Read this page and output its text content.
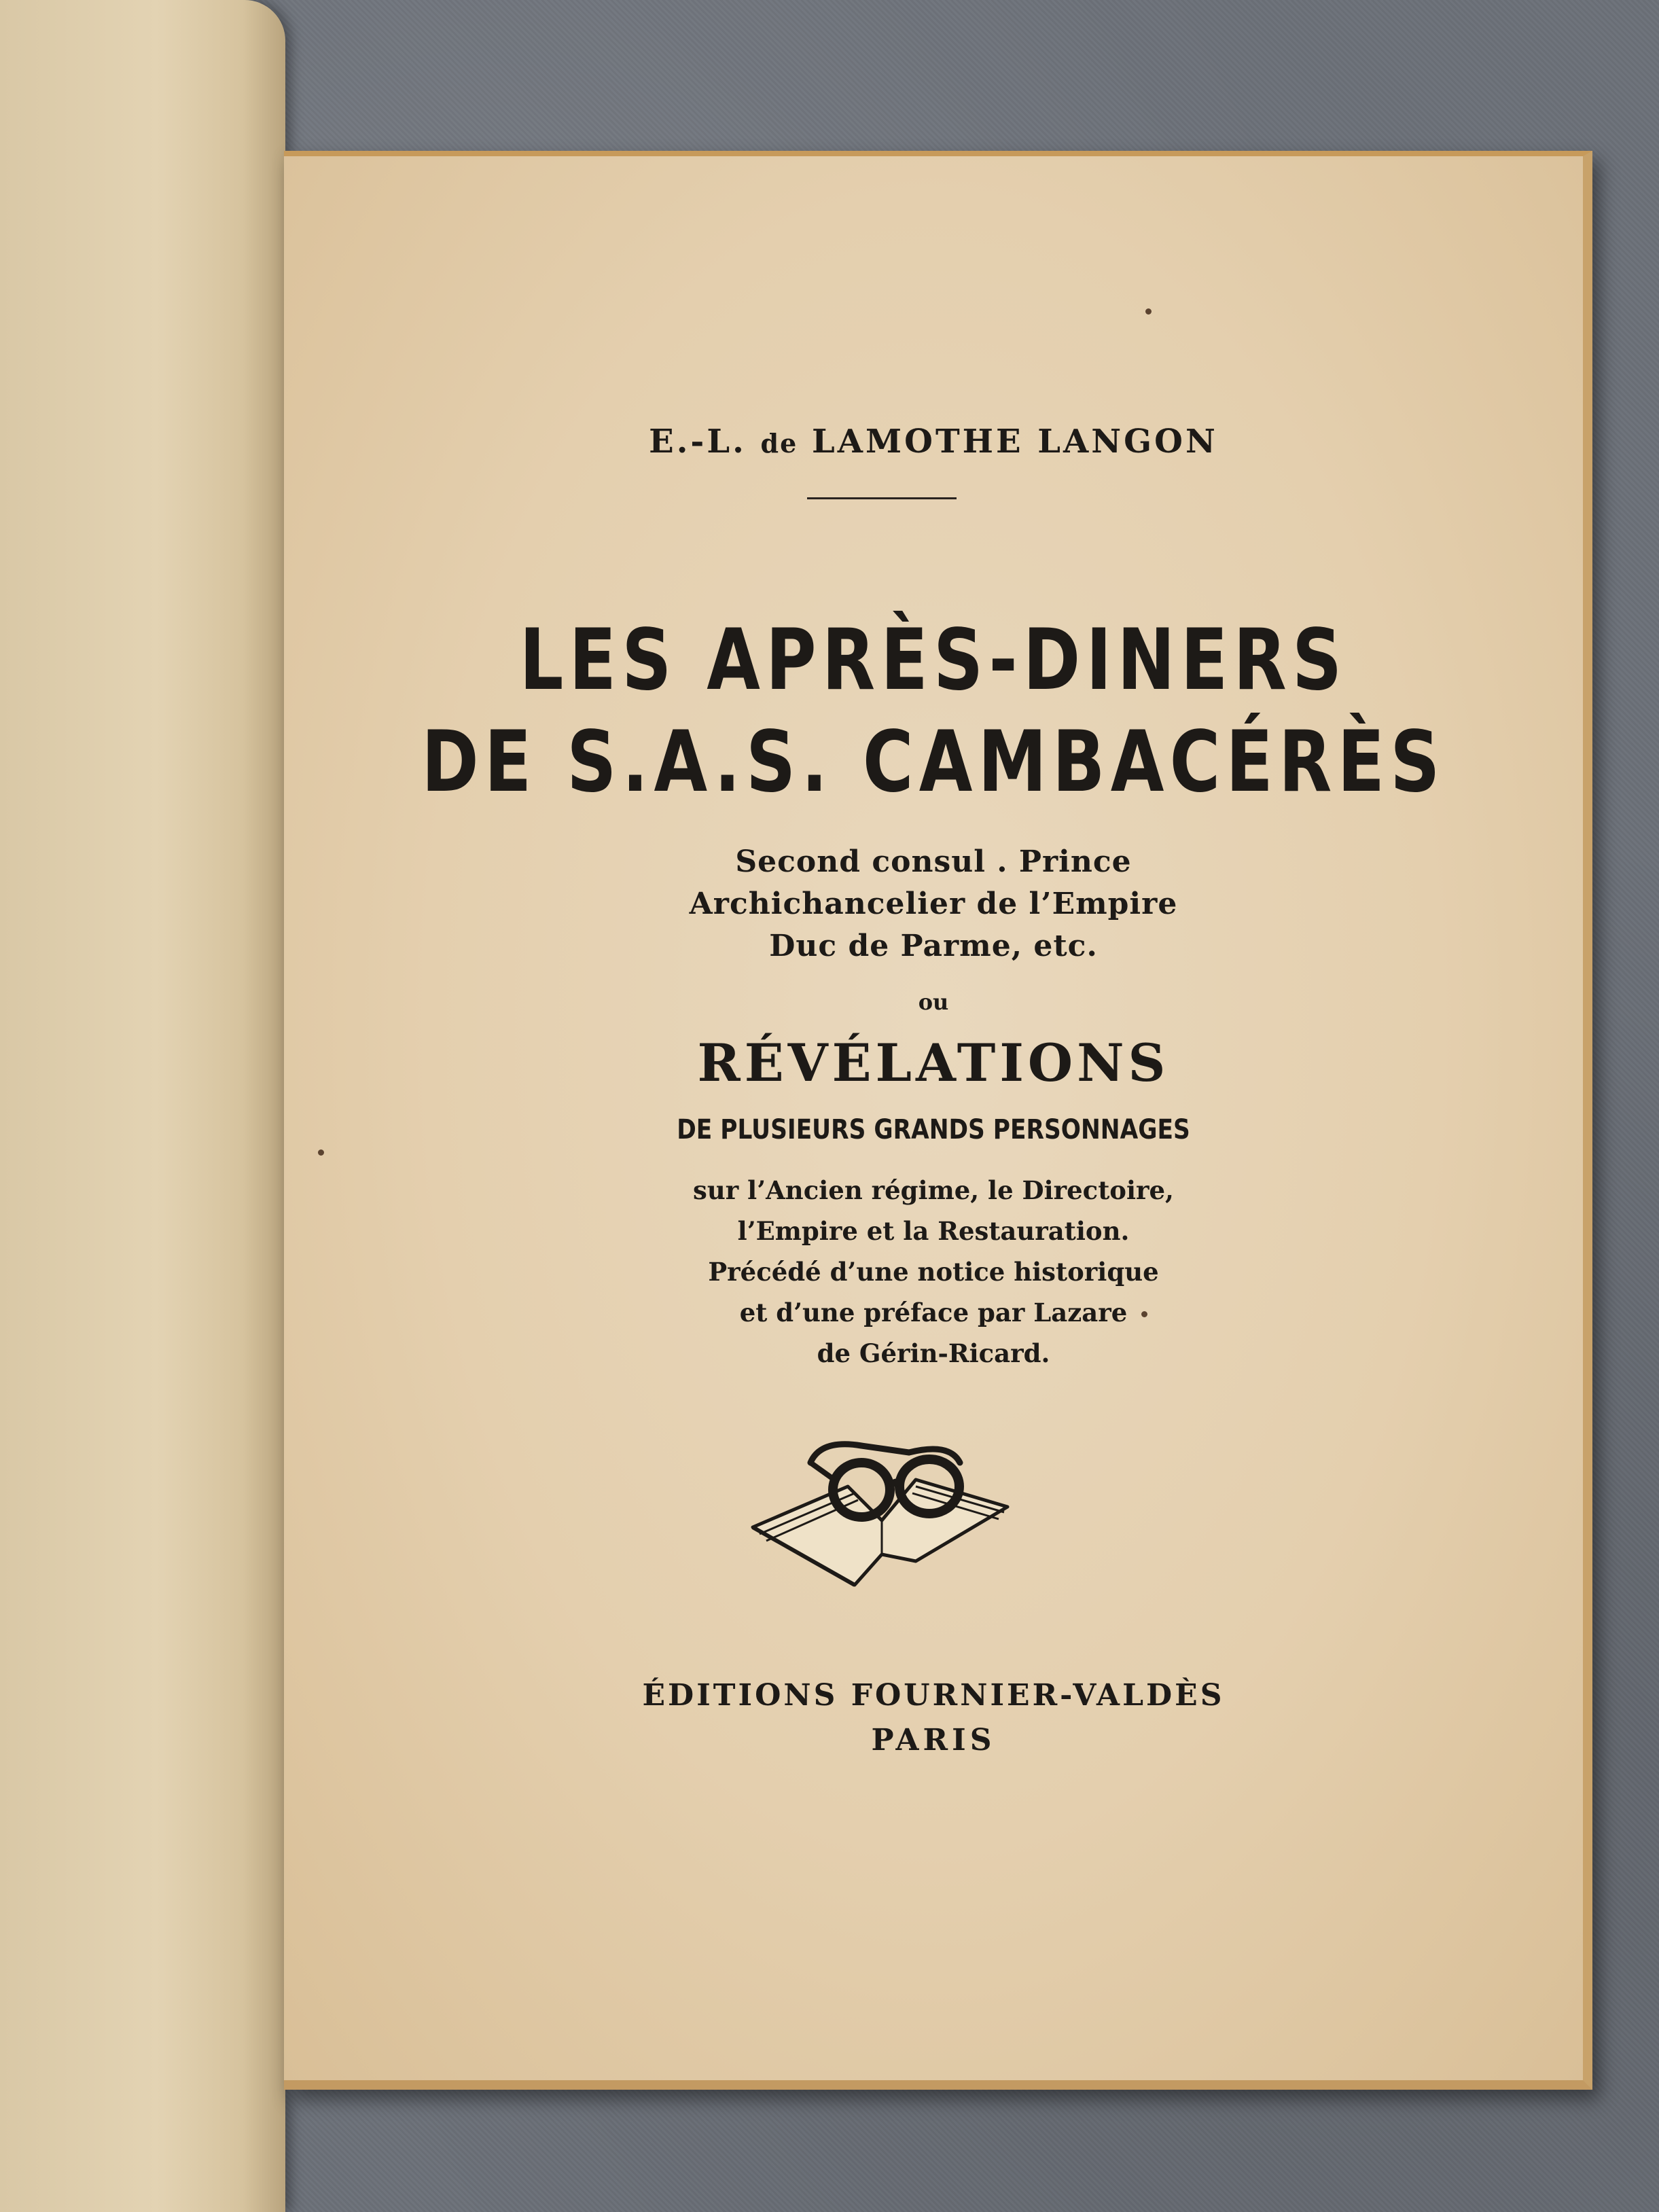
E.-L. de LAMOTHE LANGON
LES APRÈS-DINERS
DE S.A.S. CAMBACÉRÈS
Second consul . Prince
Archichancelier de l’Empire
Duc de Parme, etc.
ou
RÉVÉLATIONS
DE PLUSIEURS GRANDS PERSONNAGES
sur l’Ancien régime, le Directoire,
l’Empire et la Restauration.
Précédé d’une notice historique
et d’une préface par Lazare
de Gérin-Ricard.
ÉDITIONS FOURNIER-VALDÈS
PARIS
